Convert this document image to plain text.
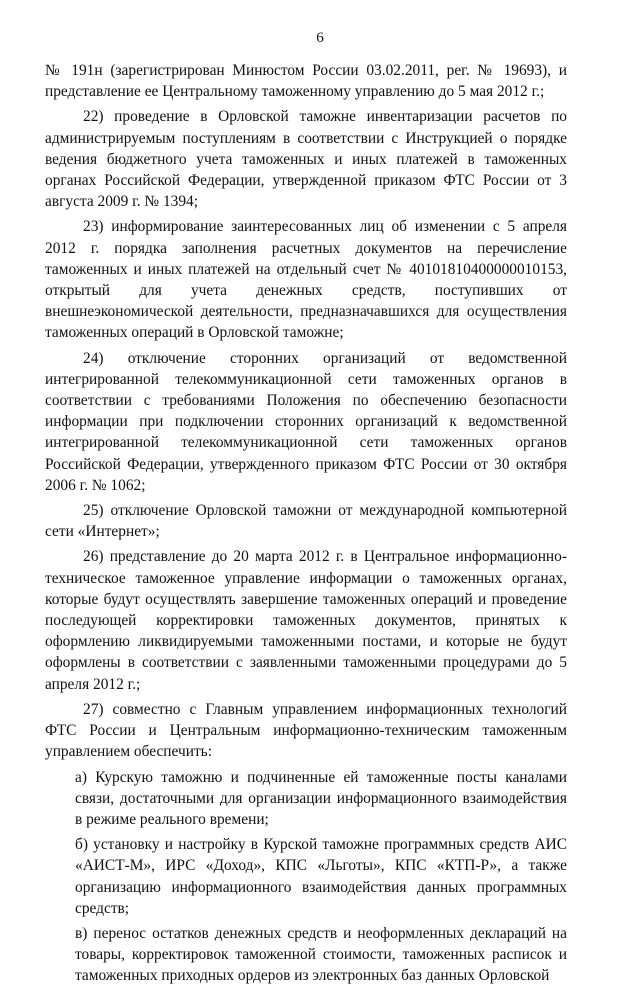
6

№ 191н (зарегистрирован Минюстом России 03.02.2011, рег. № 19693), и представление ее Центральному таможенному управлению до 5 мая 2012 г.;

22) проведение в Орловской таможне инвентаризации расчетов по администрируемым поступлениям в соответствии с Инструкцией о порядке ведения бюджетного учета таможенных и иных платежей в таможенных органах Российской Федерации, утвержденной приказом ФТС России от 3 августа 2009 г. № 1394;

23) информирование заинтересованных лиц об изменении с 5 апреля 2012 г. порядка заполнения расчетных документов на перечисление таможенных и иных платежей на отдельный счет № 40101810400000010153, открытый для учета денежных средств, поступивших от внешнеэкономической деятельности, предназначавшихся для осуществления таможенных операций в Орловской таможне;

24) отключение сторонних организаций от ведомственной интегрированной телекоммуникационной сети таможенных органов в соответствии с требованиями Положения по обеспечению безопасности информации при подключении сторонних организаций к ведомственной интегрированной телекоммуникационной сети таможенных органов Российской Федерации, утвержденного приказом ФТС России от 30 октября 2006 г. № 1062;

25) отключение Орловской таможни от международной компьютерной сети «Интернет»;

26) представление до 20 марта 2012 г. в Центральное информационно-техническое таможенное управление информации о таможенных органах, которые будут осуществлять завершение таможенных операций и проведение последующей корректировки таможенных документов, принятых к оформлению ликвидируемыми таможенными постами, и которые не будут оформлены в соответствии с заявленными таможенными процедурами до 5 апреля 2012 г.;

27) совместно с Главным управлением информационных технологий ФТС России и Центральным информационно-техническим таможенным управлением обеспечить:

а) Курскую таможню и подчиненные ей таможенные посты каналами связи, достаточными для организации информационного взаимодействия в режиме реального времени;

б) установку и настройку в Курской таможне программных средств АИС «АИСТ-М», ИРС «Доход», КПС «Льготы», КПС «КТП-Р», а также организацию информационного взаимодействия данных программных средств;

в) перенос остатков денежных средств и неоформленных деклараций на товары, корректировок таможенной стоимости, таможенных расписок и таможенных приходных ордеров из электронных баз данных Орловской
